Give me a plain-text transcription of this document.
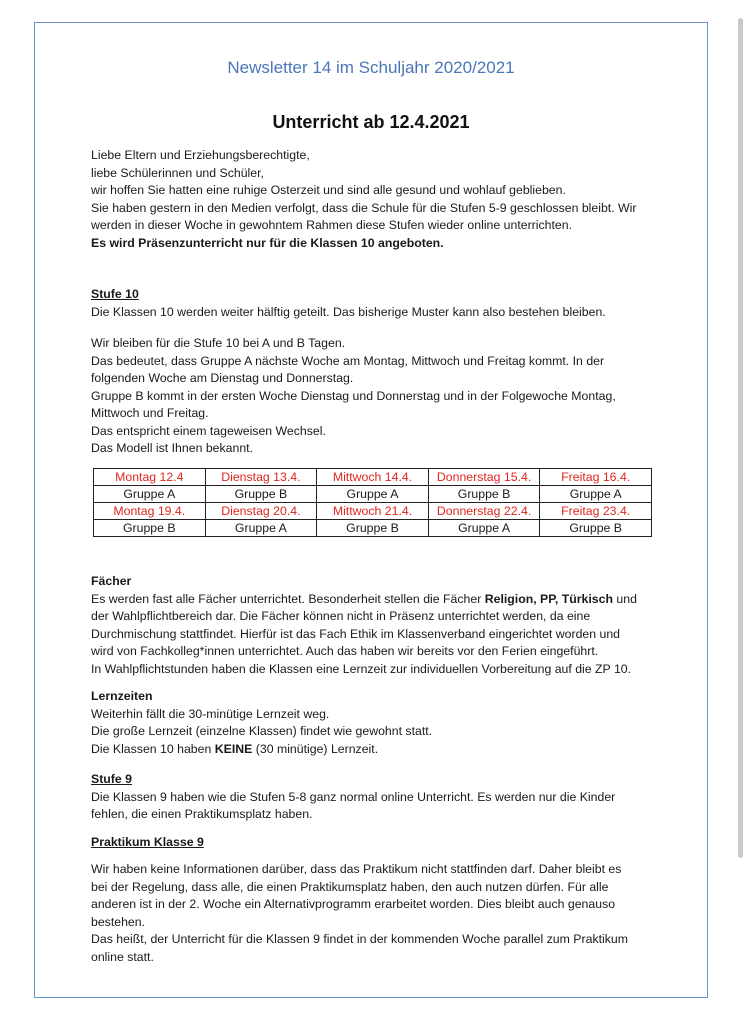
Newsletter 14 im Schuljahr 2020/2021
Unterricht ab 12.4.2021
Liebe Eltern und Erziehungsberechtigte,
liebe Schülerinnen und Schüler,
wir hoffen Sie hatten eine ruhige Osterzeit und sind alle gesund und wohlauf geblieben.
Sie haben gestern in den Medien verfolgt, dass die Schule für die Stufen 5-9 geschlossen bleibt. Wir
werden in dieser Woche in gewohntem Rahmen diese Stufen wieder online unterrichten.
Es wird Präsenzunterricht nur für die Klassen 10 angeboten.
Stufe 10
Die Klassen 10 werden weiter hälftig geteilt. Das bisherige Muster kann also bestehen bleiben.
Wir bleiben für die Stufe 10 bei A und B Tagen.
Das bedeutet, dass Gruppe A nächste Woche am Montag, Mittwoch und Freitag kommt. In der
folgenden Woche am Dienstag und Donnerstag.
Gruppe B kommt in der ersten Woche Dienstag und Donnerstag und in der Folgewoche Montag,
Mittwoch und Freitag.
Das entspricht einem tageweisen Wechsel.
Das Modell ist Ihnen bekannt.
Montag 12.4	Dienstag 13.4.	Mittwoch 14.4.	Donnerstag 15.4.	Freitag 16.4.
Gruppe A	Gruppe B	Gruppe A	Gruppe B	Gruppe A
Montag 19.4.	Dienstag 20.4.	Mittwoch 21.4.	Donnerstag 22.4.	Freitag 23.4.
Gruppe B	Gruppe A	Gruppe B	Gruppe A	Gruppe B
Fächer
Es werden fast alle Fächer unterrichtet. Besonderheit stellen die Fächer Religion, PP, Türkisch und
der Wahlpflichtbereich dar. Die Fächer können nicht in Präsenz unterrichtet werden, da eine
Durchmischung stattfindet. Hierfür ist das Fach Ethik im Klassenverband eingerichtet worden und
wird von Fachkolleg*innen unterrichtet. Auch das haben wir bereits vor den Ferien eingeführt.
In Wahlpflichtstunden haben die Klassen eine Lernzeit zur individuellen Vorbereitung auf die ZP 10.
Lernzeiten
Weiterhin fällt die 30-minütige Lernzeit weg.
Die große Lernzeit (einzelne Klassen) findet wie gewohnt statt.
Die Klassen 10 haben KEINE (30 minütige) Lernzeit.
Stufe 9
Die Klassen 9 haben wie die Stufen 5-8 ganz normal online Unterricht. Es werden nur die Kinder
fehlen, die einen Praktikumsplatz haben.
Praktikum Klasse 9
Wir haben keine Informationen darüber, dass das Praktikum nicht stattfinden darf. Daher bleibt es
bei der Regelung, dass alle, die einen Praktikumsplatz haben, den auch nutzen dürfen. Für alle
anderen ist in der 2. Woche ein Alternativprogramm erarbeitet worden. Dies bleibt auch genauso
bestehen.
Das heißt, der Unterricht für die Klassen 9 findet in der kommenden Woche parallel zum Praktikum
online statt.
